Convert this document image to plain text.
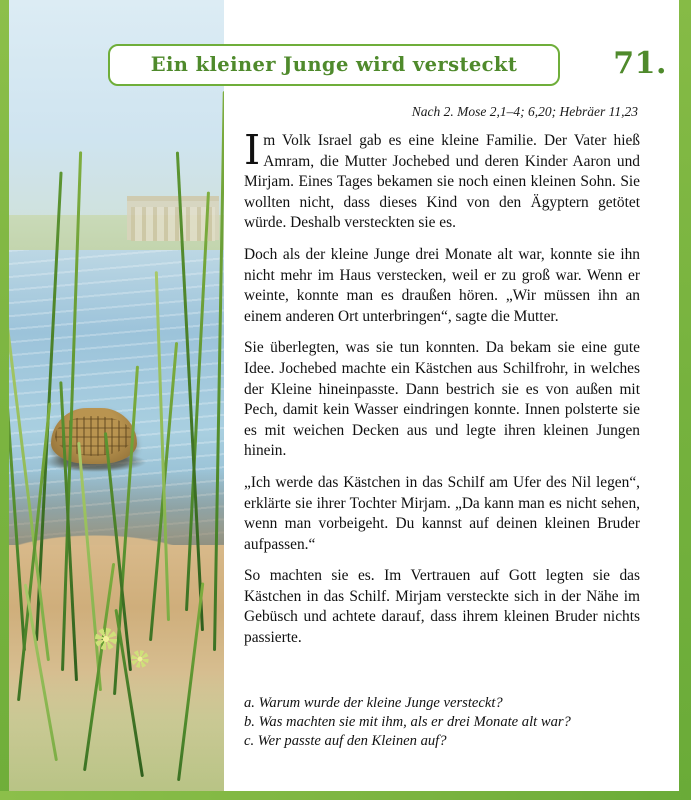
Ein kleiner Junge wird versteckt	71.
Nach 2. Mose 2,1–4; 6,20; Hebräer 11,23

Im Volk Israel gab es eine kleine Familie. Der Vater hieß Amram, die Mutter Jochebed und deren Kinder Aaron und Mirjam. Eines Tages bekamen sie noch einen kleinen Sohn. Sie wollten nicht, dass dieses Kind von den Ägyptern getötet würde. Deshalb versteckten sie es.

Doch als der kleine Junge drei Monate alt war, konnte sie ihn nicht mehr im Haus verstecken, weil er zu groß war. Wenn er weinte, konnte man es draußen hören. „Wir müssen ihn an einem anderen Ort unterbringen“, sagte die Mutter.

Sie überlegten, was sie tun konnten. Da bekam sie eine gute Idee. Jochebed machte ein Kästchen aus Schilfrohr, in welches der Kleine hineinpasste. Dann bestrich sie es von außen mit Pech, damit kein Wasser eindringen konnte. Innen polsterte sie es mit weichen Decken aus und legte ihren kleinen Jungen hinein.

„Ich werde das Kästchen in das Schilf am Ufer des Nil legen“, erklärte sie ihrer Tochter Mirjam. „Da kann man es nicht sehen, wenn man vorbeigeht. Du kannst auf deinen kleinen Bruder aufpassen.“

So machten sie es. Im Vertrauen auf Gott legten sie das Kästchen in das Schilf. Mirjam versteckte sich in der Nähe im Gebüsch und achtete darauf, dass ihrem kleinen Bruder nichts passierte.

a. Warum wurde der kleine Junge versteckt?
b. Was machten sie mit ihm, als er drei Monate alt war?
c. Wer passte auf den Kleinen auf?
